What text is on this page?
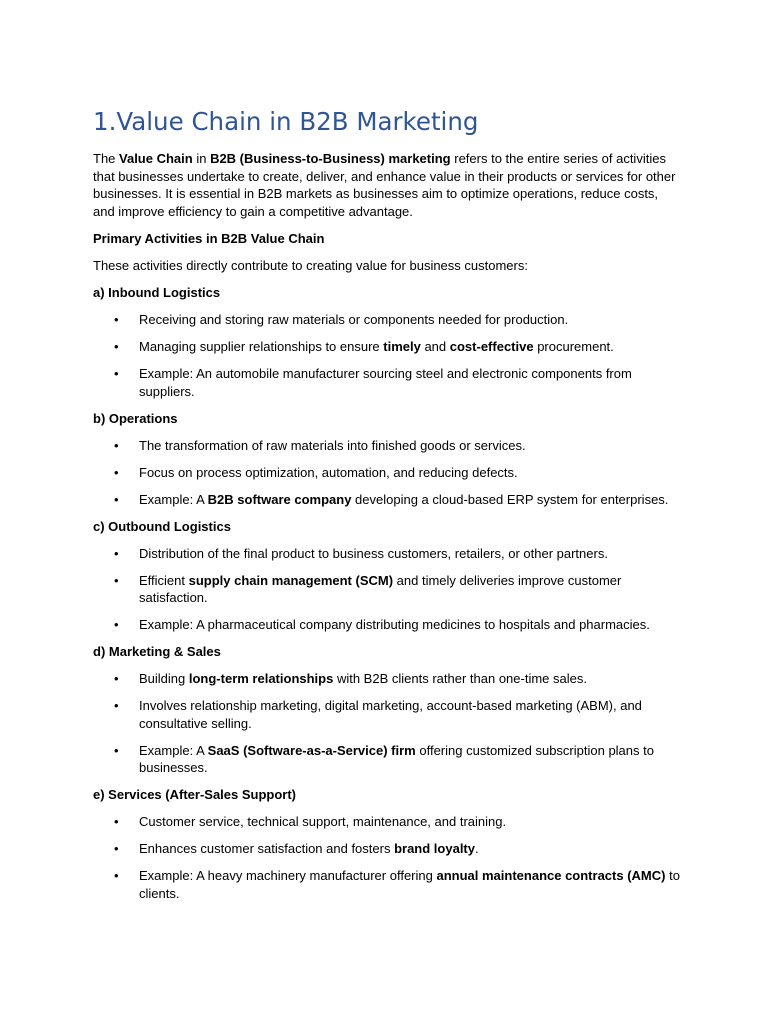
1.Value Chain in B2B Marketing

The Value Chain in B2B (Business-to-Business) marketing refers to the entire series of activities that businesses undertake to create, deliver, and enhance value in their products or services for other businesses. It is essential in B2B markets as businesses aim to optimize operations, reduce costs, and improve efficiency to gain a competitive advantage.

Primary Activities in B2B Value Chain

These activities directly contribute to creating value for business customers:

a) Inbound Logistics

• Receiving and storing raw materials or components needed for production.
• Managing supplier relationships to ensure timely and cost-effective procurement.
• Example: An automobile manufacturer sourcing steel and electronic components from suppliers.

b) Operations

• The transformation of raw materials into finished goods or services.
• Focus on process optimization, automation, and reducing defects.
• Example: A B2B software company developing a cloud-based ERP system for enterprises.

c) Outbound Logistics

• Distribution of the final product to business customers, retailers, or other partners.
• Efficient supply chain management (SCM) and timely deliveries improve customer satisfaction.
• Example: A pharmaceutical company distributing medicines to hospitals and pharmacies.

d) Marketing & Sales

• Building long-term relationships with B2B clients rather than one-time sales.
• Involves relationship marketing, digital marketing, account-based marketing (ABM), and consultative selling.
• Example: A SaaS (Software-as-a-Service) firm offering customized subscription plans to businesses.

e) Services (After-Sales Support)

• Customer service, technical support, maintenance, and training.
• Enhances customer satisfaction and fosters brand loyalty.
• Example: A heavy machinery manufacturer offering annual maintenance contracts (AMC) to clients.
